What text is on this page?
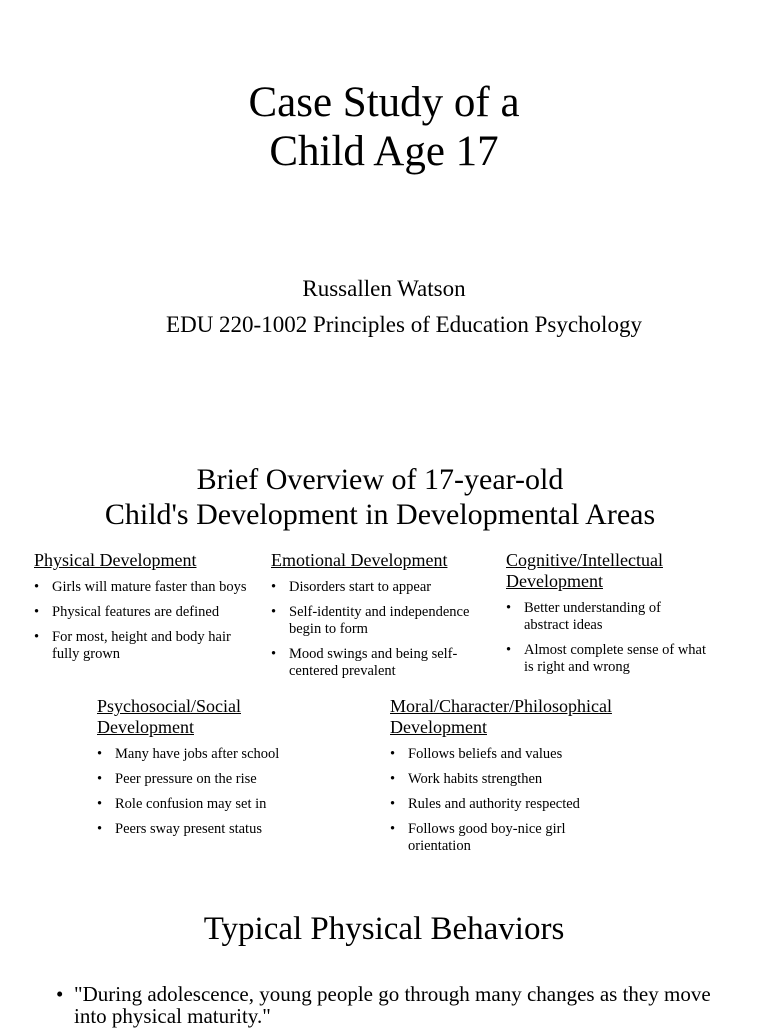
Case Study of a
Child Age 17
Russallen Watson
EDU 220-1002 Principles of Education Psychology
Brief Overview of 17-year-old
Child's Development in Developmental Areas
Physical Development
• Girls will mature faster than boys
• Physical features are defined
• For most, height and body hair fully grown
Emotional Development
• Disorders start to appear
• Self-identity and independence begin to form
• Mood swings and being self-centered prevalent
Cognitive/Intellectual
Development
• Better understanding of abstract ideas
• Almost complete sense of what is right and wrong
Psychosocial/Social
Development
• Many have jobs after school
• Peer pressure on the rise
• Role confusion may set in
• Peers sway present status
Moral/Character/Philosophical
Development
• Follows beliefs and values
• Work habits strengthen
• Rules and authority respected
• Follows good boy-nice girl orientation
Typical Physical Behaviors
• "During adolescence, young people go through many changes as they move into physical maturity."
